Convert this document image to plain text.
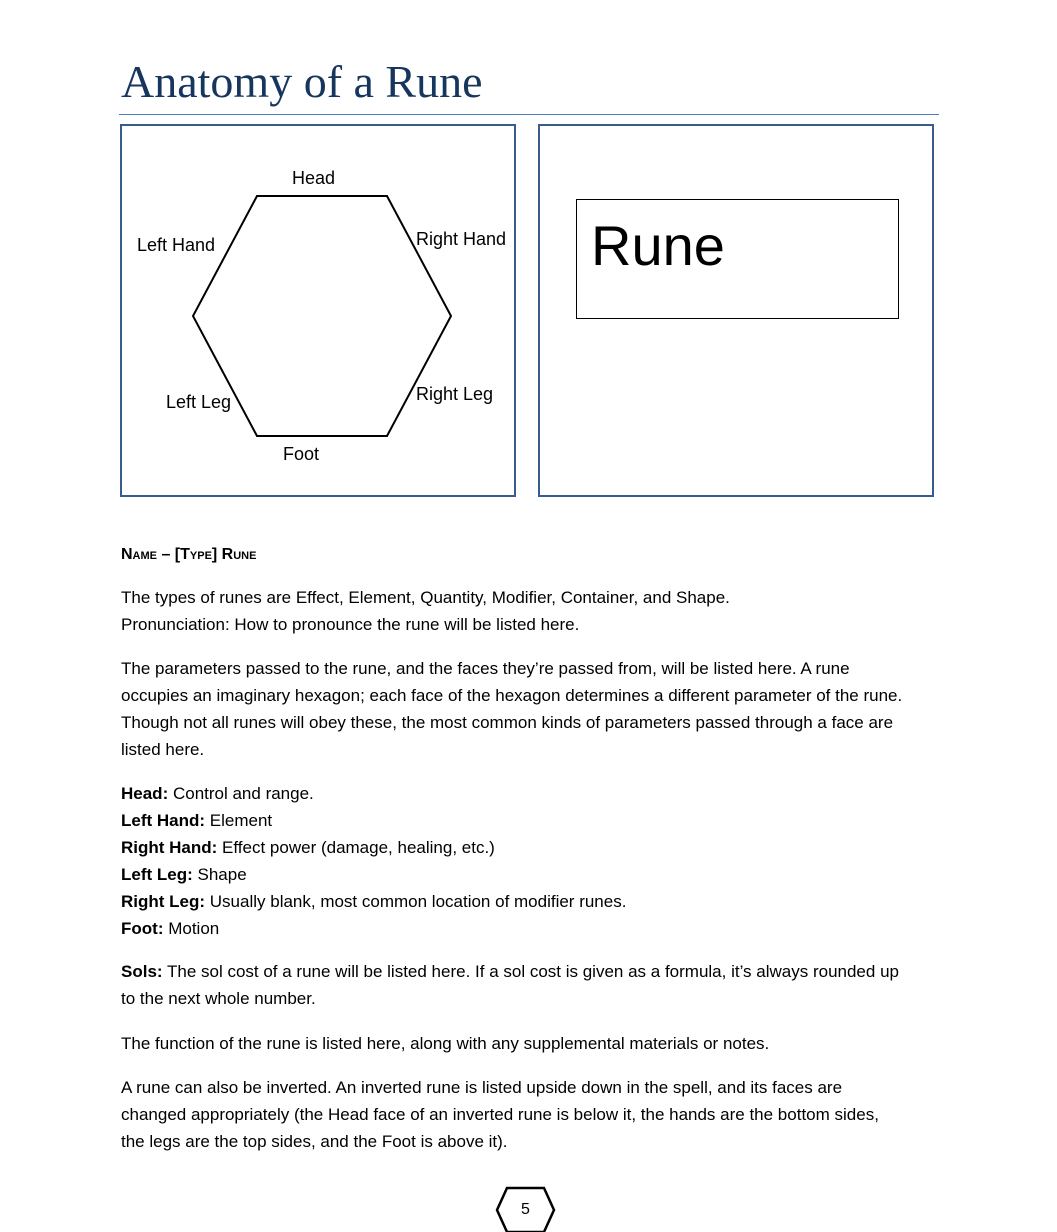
Anatomy of a Rune
Head
Left Hand	Right Hand
Left Leg	Right Leg
Foot
Rune
Name – [Type] Rune
The types of runes are Effect, Element, Quantity, Modifier, Container, and Shape.
Pronunciation: How to pronounce the rune will be listed here.
The parameters passed to the rune, and the faces they’re passed from, will be listed here. A rune
occupies an imaginary hexagon; each face of the hexagon determines a different parameter of the rune.
Though not all runes will obey these, the most common kinds of parameters passed through a face are
listed here.
Head: Control and range.
Left Hand: Element
Right Hand: Effect power (damage, healing, etc.)
Left Leg: Shape
Right Leg: Usually blank, most common location of modifier runes.
Foot: Motion
Sols: The sol cost of a rune will be listed here. If a sol cost is given as a formula, it’s always rounded up
to the next whole number.
The function of the rune is listed here, along with any supplemental materials or notes.
A rune can also be inverted. An inverted rune is listed upside down in the spell, and its faces are
changed appropriately (the Head face of an inverted rune is below it, the hands are the bottom sides,
the legs are the top sides, and the Foot is above it).
5
